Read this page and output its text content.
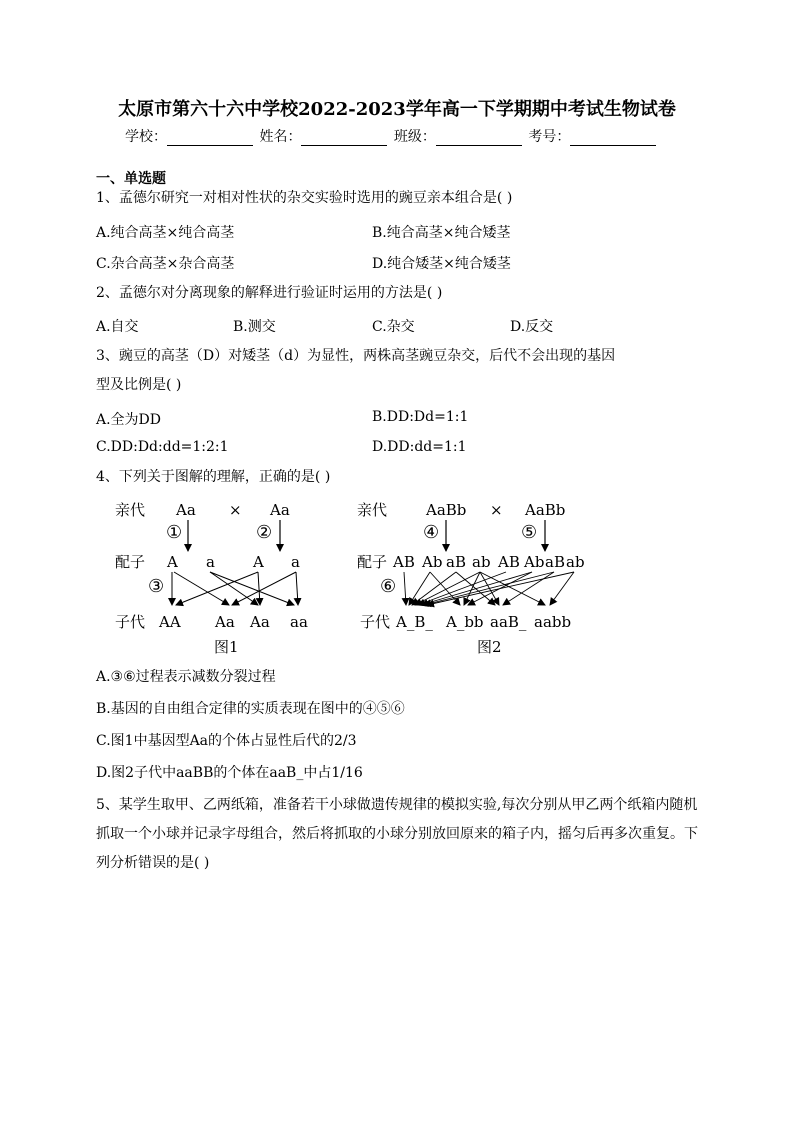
太原市第六十六中学校2022-2023学年高一下学期期中考试生物试卷
学校：	姓名：	班级：	考号：
一、单选题
1、孟德尔研究一对相对性状的杂交实验时选用的豌豆亲本组合是( )
A.纯合高茎×纯合高茎	B.纯合高茎×纯合矮茎
C.杂合高茎×杂合高茎	D.纯合矮茎×纯合矮茎
2、孟德尔对分离现象的解释进行验证时运用的方法是( )
A.自交	B.测交	C.杂交	D.反交
3、豌豆的高茎（D）对矮茎（d）为显性，两株高茎豌豆杂交，后代不会出现的基因
型及比例是( )
A.全为DD	B.DD:Dd=1:1
C.DD:Dd:dd=1:2:1	D.DD:dd=1:1
4、下列关于图解的理解，正确的是( )
亲代 Aa × Aa
①	②
配子 A a	A a
③
子代 AA Aa Aa aa
图1
亲代	AaBb × AaBb
④	⑤
配子 AB Ab aB ab AB Ab aB ab
⑥
子代 A_B_ A_bb aaB_ aabb
图2
A.③⑥过程表示减数分裂过程
B.基因的自由组合定律的实质表现在图中的④⑤⑥
C.图1中基因型Aa的个体占显性后代的2/3
D.图2子代中aaBB的个体在aaB_中占1/16
5、某学生取甲、乙两纸箱，准备若干小球做遗传规律的模拟实验,每次分别从甲乙两个纸箱内随机抓取一个小球并记录字母组合，然后将抓取的小球分别放回原来的箱子内，摇匀后再多次重复。下列分析错误的是( )
